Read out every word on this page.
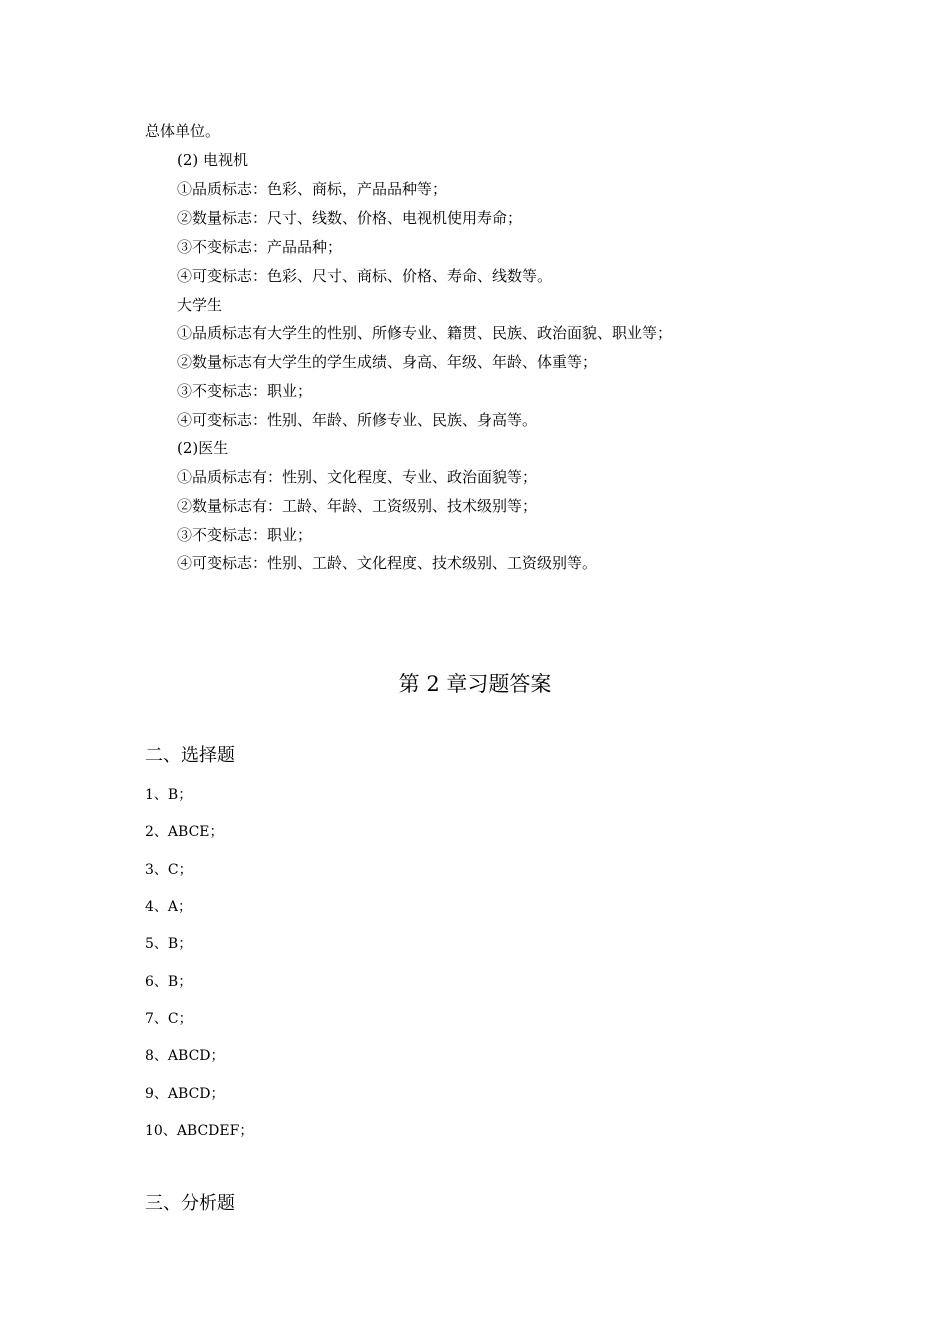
总体单位。
(2) 电视机
①品质标志：色彩、商标，产品品种等；
②数量标志：尺寸、线数、价格、电视机使用寿命；
③不变标志：产品品种；
④可变标志：色彩、尺寸、商标、价格、寿命、线数等。
大学生
①品质标志有大学生的性别、所修专业、籍贯、民族、政治面貌、职业等；
②数量标志有大学生的学生成绩、身高、年级、年龄、体重等；
③不变标志：职业；
④可变标志：性别、年龄、所修专业、民族、身高等。
(2)医生
①品质标志有：性别、文化程度、专业、政治面貌等；
②数量标志有：工龄、年龄、工资级别、技术级别等；
③不变标志：职业；
④可变标志：性别、工龄、文化程度、技术级别、工资级别等。
第 2 章习题答案
二、选择题
1、B；
2、ABCE；
3、C；
4、A；
5、B；
6、B；
7、C；
8、ABCD；
9、ABCD；
10、ABCDEF；
三、分析题
